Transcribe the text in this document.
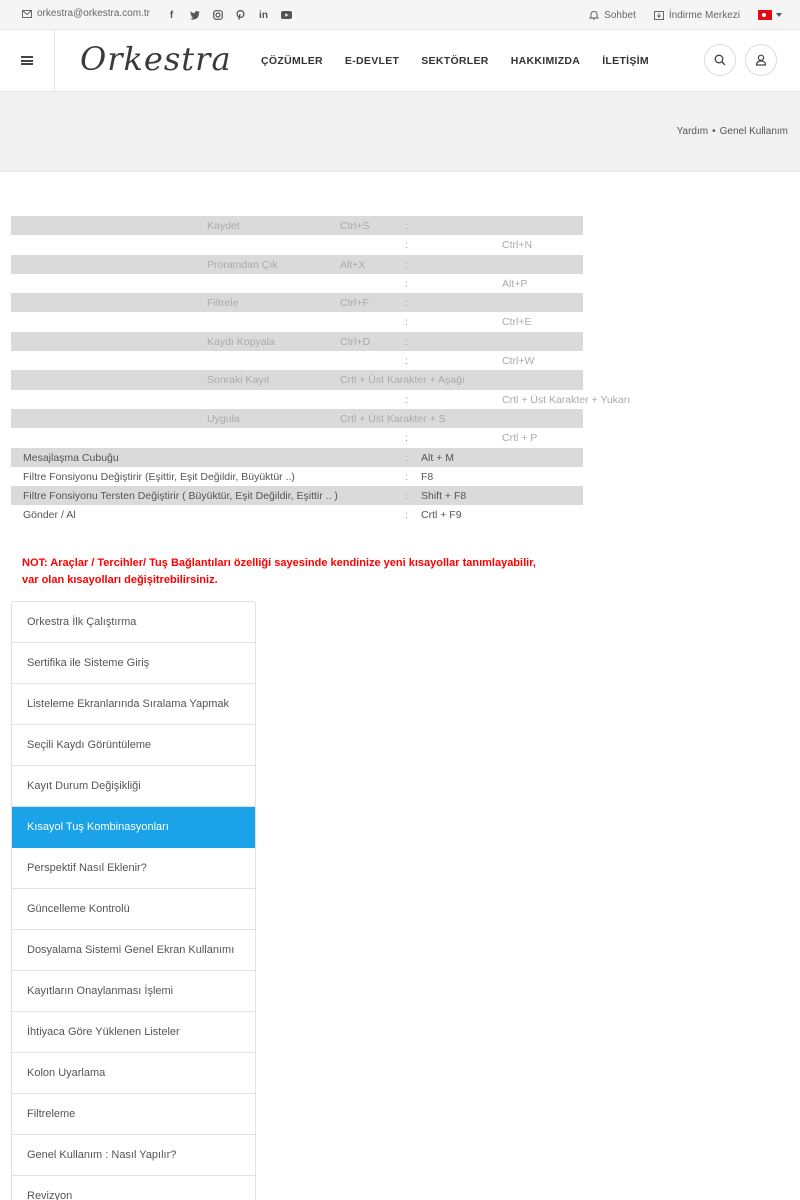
orkestra@orkestra.com.tr	f	in	Sohbet	İndirme Merkezi
Orkestra	ÇÖZÜMLER E-DEVLET SEKTÖRLER HAKKIMIZDA İLETİŞİM
Yardım • Genel Kullanım
Kaydet	Ctrl+S	:
:	Ctrl+N
Proramdan Çık	Alt+X	:
:	Alt+P
Filtrele	Ctrl+F	:
:	Ctrl+E
Kaydı Kopyala	Ctrl+D	:
:	Ctrl+W
Sonraki Kayıt	Crtl + Üst Karakter + Aşağı
:	Crtl + Üst Karakter + Yukarı
Uygula	Crtl + Üst Karakter + S
:	Crtl + P
Mesajlaşma Cubuğu	: Alt + M
Filtre Fonsiyonu Değiştirir (Eşittir, Eşit Değildir, Büyüktür ..)	: F8
Filtre Fonsiyonu Tersten Değiştirir ( Büyüktür, Eşit Değildir, Eşittir .. )	: Shift + F8
Gönder / Al	: Crtl + F9
NOT: Araçlar / Tercihler/ Tuş Bağlantıları özelliği sayesinde kendinize yeni kısayollar tanımlayabilir, var olan kısayolları değişitrebilirsiniz.
Orkestra İlk Çalıştırma
Sertifika ile Sisteme Giriş
Listeleme Ekranlarında Sıralama Yapmak
Seçili Kaydı Görüntüleme
Kayıt Durum Değişikliği
Kısayol Tuş Kombinasyonları
Perspektif Nasıl Eklenir?
Güncelleme Kontrolü
Dosyalama Sistemi Genel Ekran Kullanımı
Kayıtların Onaylanması İşlemi
İhtiyaca Göre Yüklenen Listeler
Kolon Uyarlama
Filtreleme
Genel Kullanım : Nasıl Yapılır?
Revizyon
